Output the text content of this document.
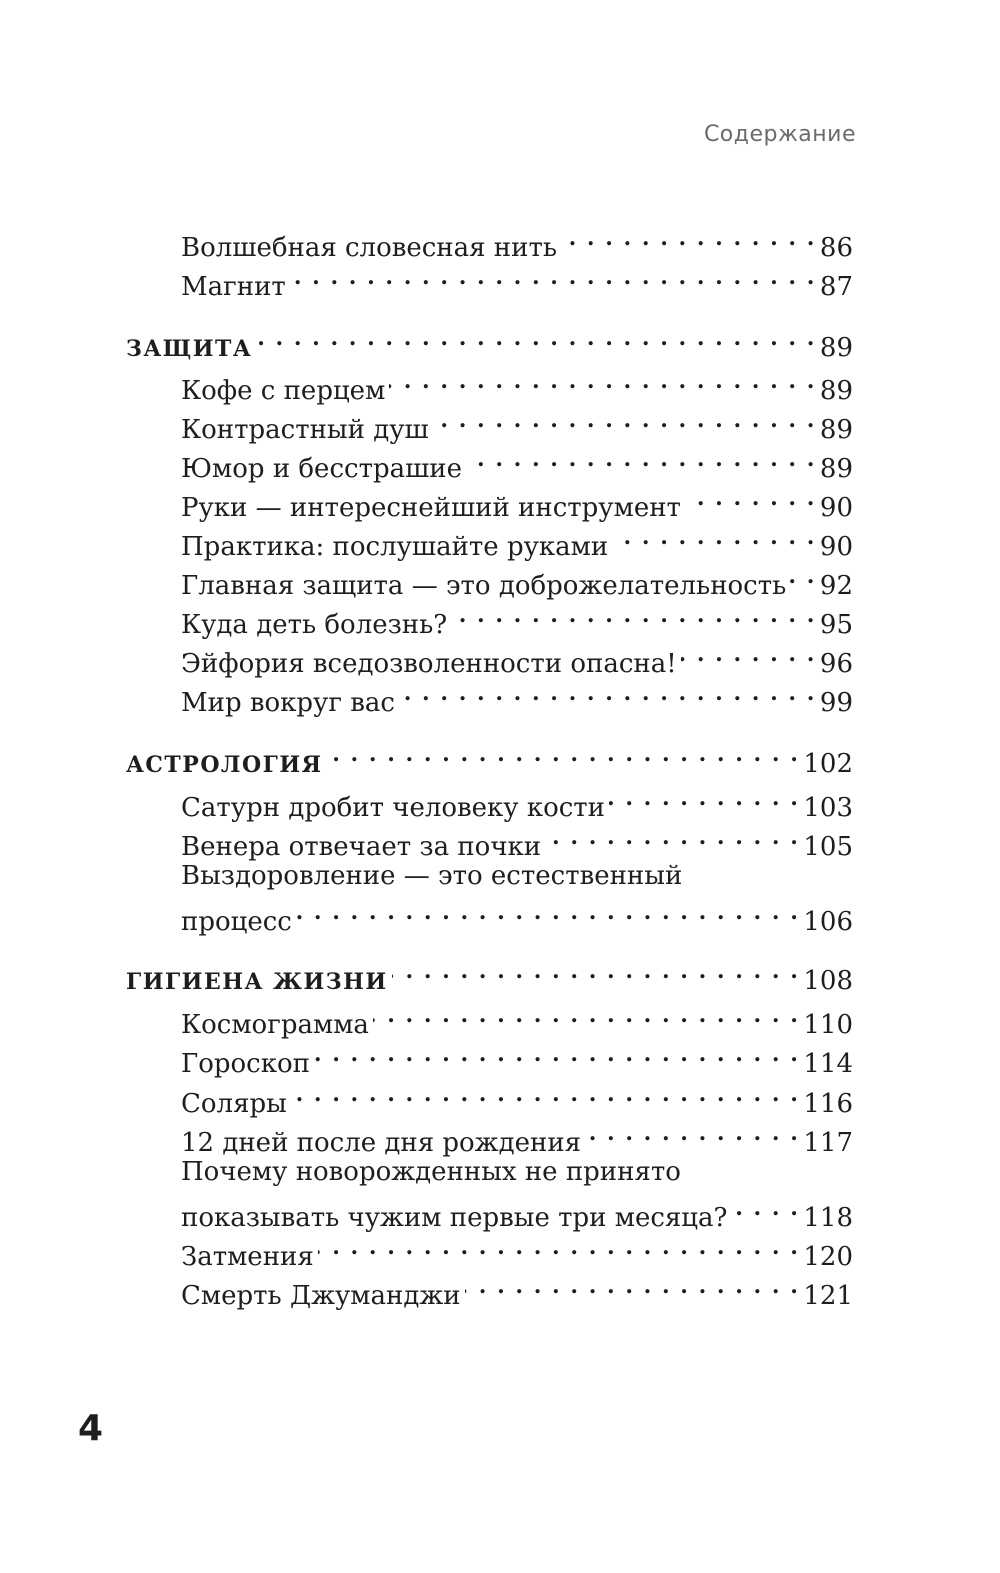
Содержание
Волшебная словесная нить . . .	86
Магнит . . .	87
ЗАЩИТА . . .	89
Кофе с перцем . . .	89
Контрастный душ . . .	89
Юмор и бесстрашие . . .	89
Руки — интереснейший инструмент . . .	90
Практика: послушайте руками . . .	90
Главная защита — это доброжелательность . . . 92
Куда деть болезнь? . . .	95
Эйфория вседозволенности опасна! . . .	96
Мир вокруг вас . . .	99
АСТРОЛОГИЯ . . .	102
Сатурн дробит человеку кости . . .	103
Венера отвечает за почки . . .	105
Выздоровление — это естественный
процесс . . .	106
ГИГИЕНА ЖИЗНИ . . .	108
Космограмма . . .	110
Гороскоп . . .	114
Соляры . . .	116
12 дней после дня рождения . . .	117
Почему новорожденных не принято
показывать чужим первые три месяца? . . .	118
Затмения . . .	120
Смерть Джуманджи . . .	121
4
